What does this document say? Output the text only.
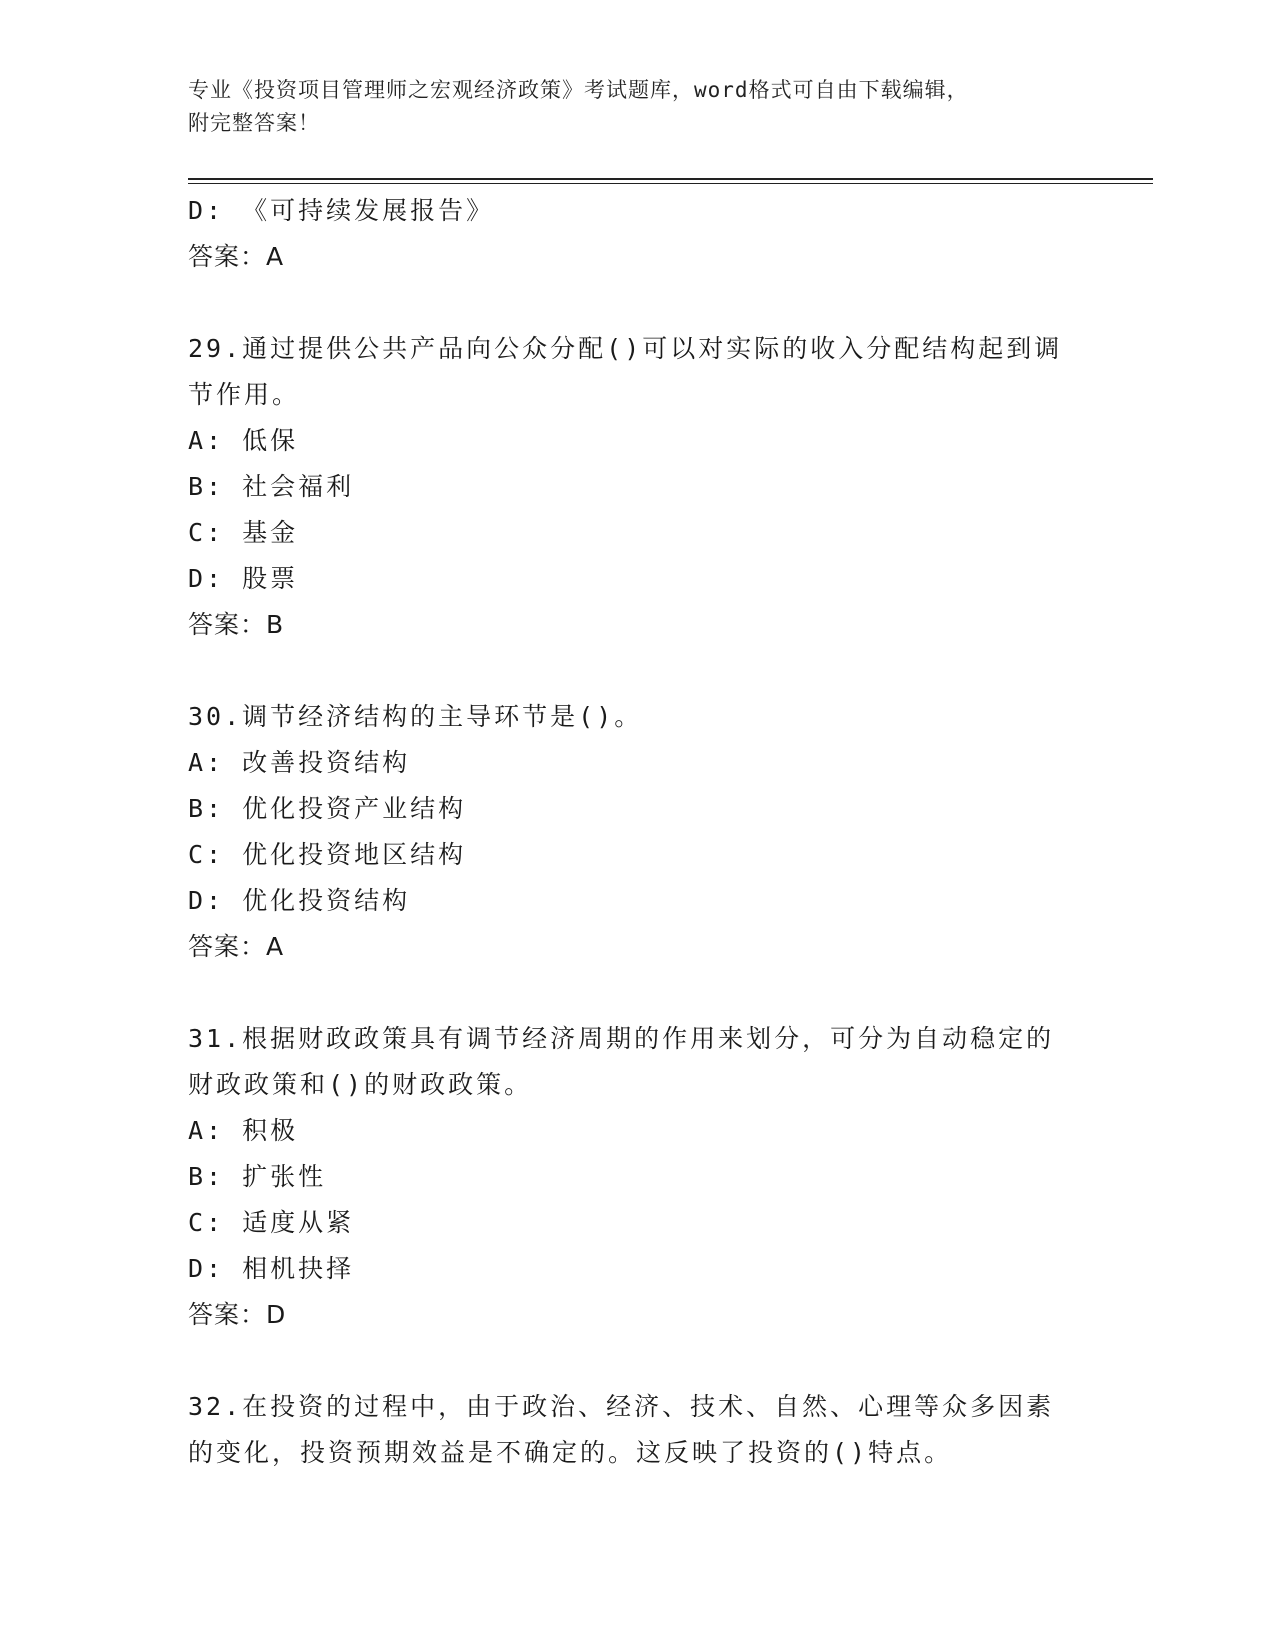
专业《投资项目管理师之宏观经济政策》考试题库，word格式可自由下载编辑，
附完整答案！
D: 《可持续发展报告》
答案：A
29.通过提供公共产品向公众分配()可以对实际的收入分配结构起到调
节作用。
A: 低保
B: 社会福利
C: 基金
D: 股票
答案：B
30.调节经济结构的主导环节是()。
A: 改善投资结构
B: 优化投资产业结构
C: 优化投资地区结构
D: 优化投资结构
答案：A
31.根据财政政策具有调节经济周期的作用来划分，可分为自动稳定的
财政政策和()的财政政策。
A: 积极
B: 扩张性
C: 适度从紧
D: 相机抉择
答案：D
32.在投资的过程中，由于政治、经济、技术、自然、心理等众多因素
的变化，投资预期效益是不确定的。这反映了投资的()特点。
